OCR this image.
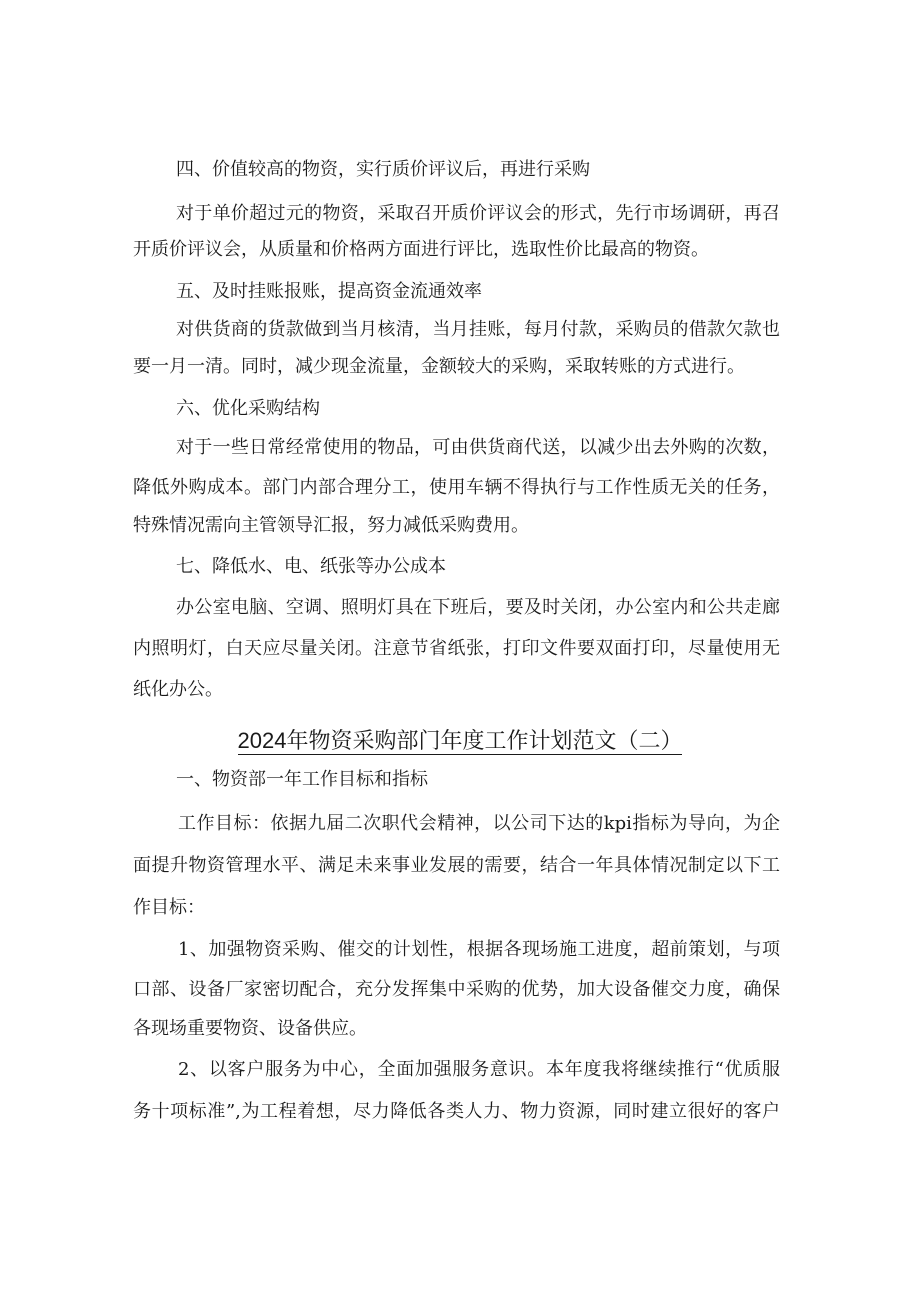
四、价值较高的物资，实行质价评议后，再进行采购
对于单价超过元的物资，采取召开质价评议会的形式，先行市场调研，再召
开质价评议会，从质量和价格两方面进行评比，选取性价比最高的物资。
五、及时挂账报账，提高资金流通效率
对供货商的货款做到当月核清，当月挂账，每月付款，采购员的借款欠款也
要一月一清。同时，减少现金流量，金额较大的采购，采取转账的方式进行。
六、优化采购结构
对于一些日常经常使用的物品，可由供货商代送，以减少出去外购的次数，
降低外购成本。部门内部合理分工，使用车辆不得执行与工作性质无关的任务，
特殊情况需向主管领导汇报，努力减低采购费用。
七、降低水、电、纸张等办公成本
办公室电脑、空调、照明灯具在下班后，要及时关闭，办公室内和公共走廊
内照明灯，白天应尽量关闭。注意节省纸张，打印文件要双面打印，尽量使用无
纸化办公。
2024年物资采购部门年度工作计划范文（二）
一、物资部一年工作目标和指标
工作目标：依据九届二次职代会精神，以公司下达的kpi指标为导向，为企
面提升物资管理水平、满足未来事业发展的需要，结合一年具体情况制定以下工
作目标：
1、加强物资采购、催交的计划性，根据各现场施工进度，超前策划，与项
口部、设备厂家密切配合，充分发挥集中采购的优势，加大设备催交力度，确保
各现场重要物资、设备供应。
2、以客户服务为中心，全面加强服务意识。本年度我将继续推行“优质服
务十项标准”,为工程着想，尽力降低各类人力、物力资源，同时建立很好的客户
